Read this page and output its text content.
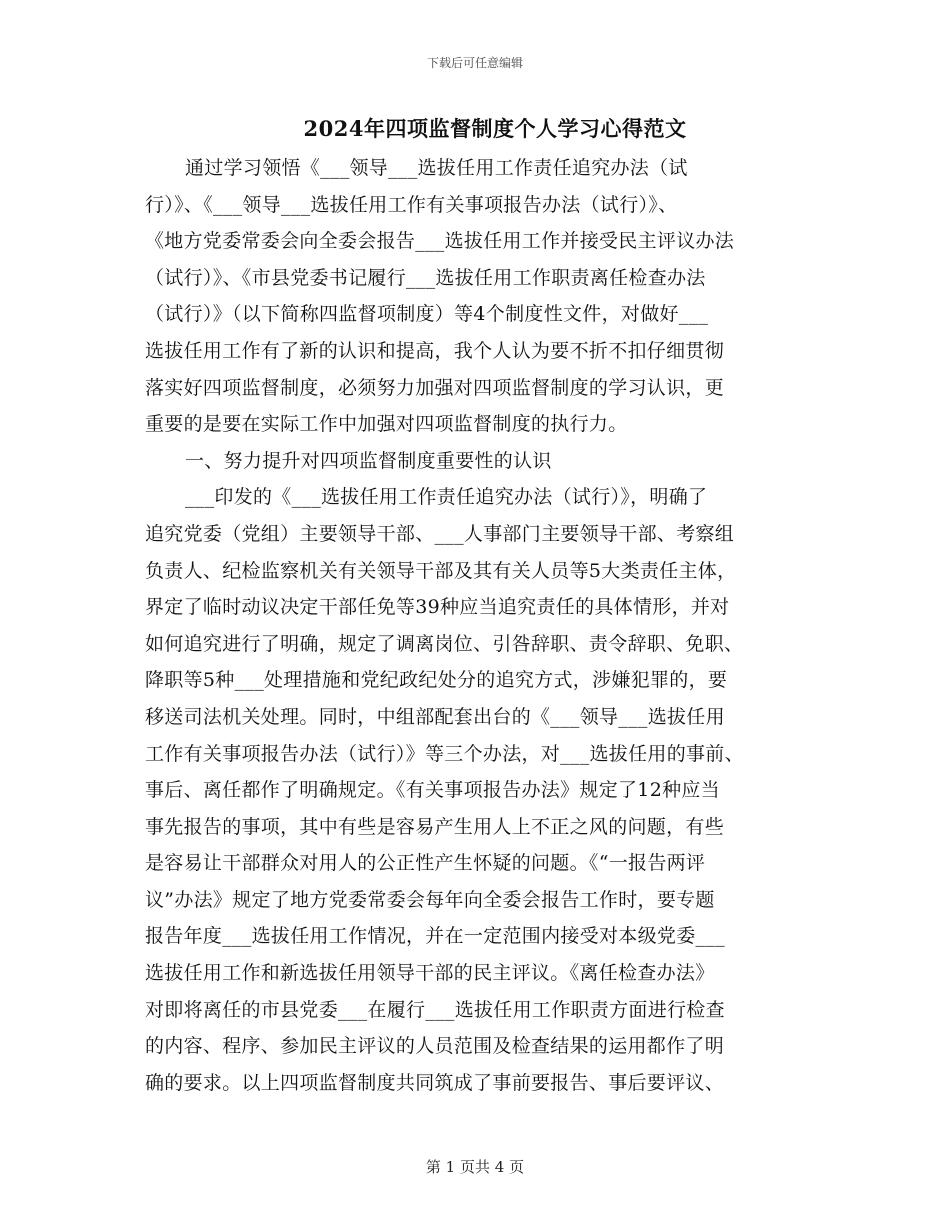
下载后可任意编辑
2024年四项监督制度个人学习心得范文
通过学习领悟《___领导___选拔任用工作责任追究办法（试
行）》、《___领导___选拔任用工作有关事项报告办法（试行）》、
《地方党委常委会向全委会报告___选拔任用工作并接受民主评议办法
（试行）》、《市县党委书记履行___选拔任用工作职责离任检查办法
（试行）》（以下简称四监督项制度）等4个制度性文件，对做好___
选拔任用工作有了新的认识和提高，我个人认为要不折不扣仔细贯彻
落实好四项监督制度，必须努力加强对四项监督制度的学习认识，更
重要的是要在实际工作中加强对四项监督制度的执行力。
一、努力提升对四项监督制度重要性的认识
___印发的《___选拔任用工作责任追究办法（试行）》，明确了
追究党委（党组）主要领导干部、___人事部门主要领导干部、考察组
负责人、纪检监察机关有关领导干部及其有关人员等5大类责任主体，
界定了临时动议决定干部任免等39种应当追究责任的具体情形，并对
如何追究进行了明确，规定了调离岗位、引咎辞职、责令辞职、免职、
降职等5种___处理措施和党纪政纪处分的追究方式，涉嫌犯罪的，要
移送司法机关处理。同时，中组部配套出台的《___领导___选拔任用
工作有关事项报告办法（试行）》等三个办法，对___选拔任用的事前、
事后、离任都作了明确规定。《有关事项报告办法》规定了12种应当
事先报告的事项，其中有些是容易产生用人上不正之风的问题，有些
是容易让干部群众对用人的公正性产生怀疑的问题。《“一报告两评
议”办法》规定了地方党委常委会每年向全委会报告工作时，要专题
报告年度___选拔任用工作情况，并在一定范围内接受对本级党委___
选拔任用工作和新选拔任用领导干部的民主评议。《离任检查办法》
对即将离任的市县党委___在履行___选拔任用工作职责方面进行检查
的内容、程序、参加民主评议的人员范围及检查结果的运用都作了明
确的要求。以上四项监督制度共同筑成了事前要报告、事后要评议、
第 1 页共 4 页
